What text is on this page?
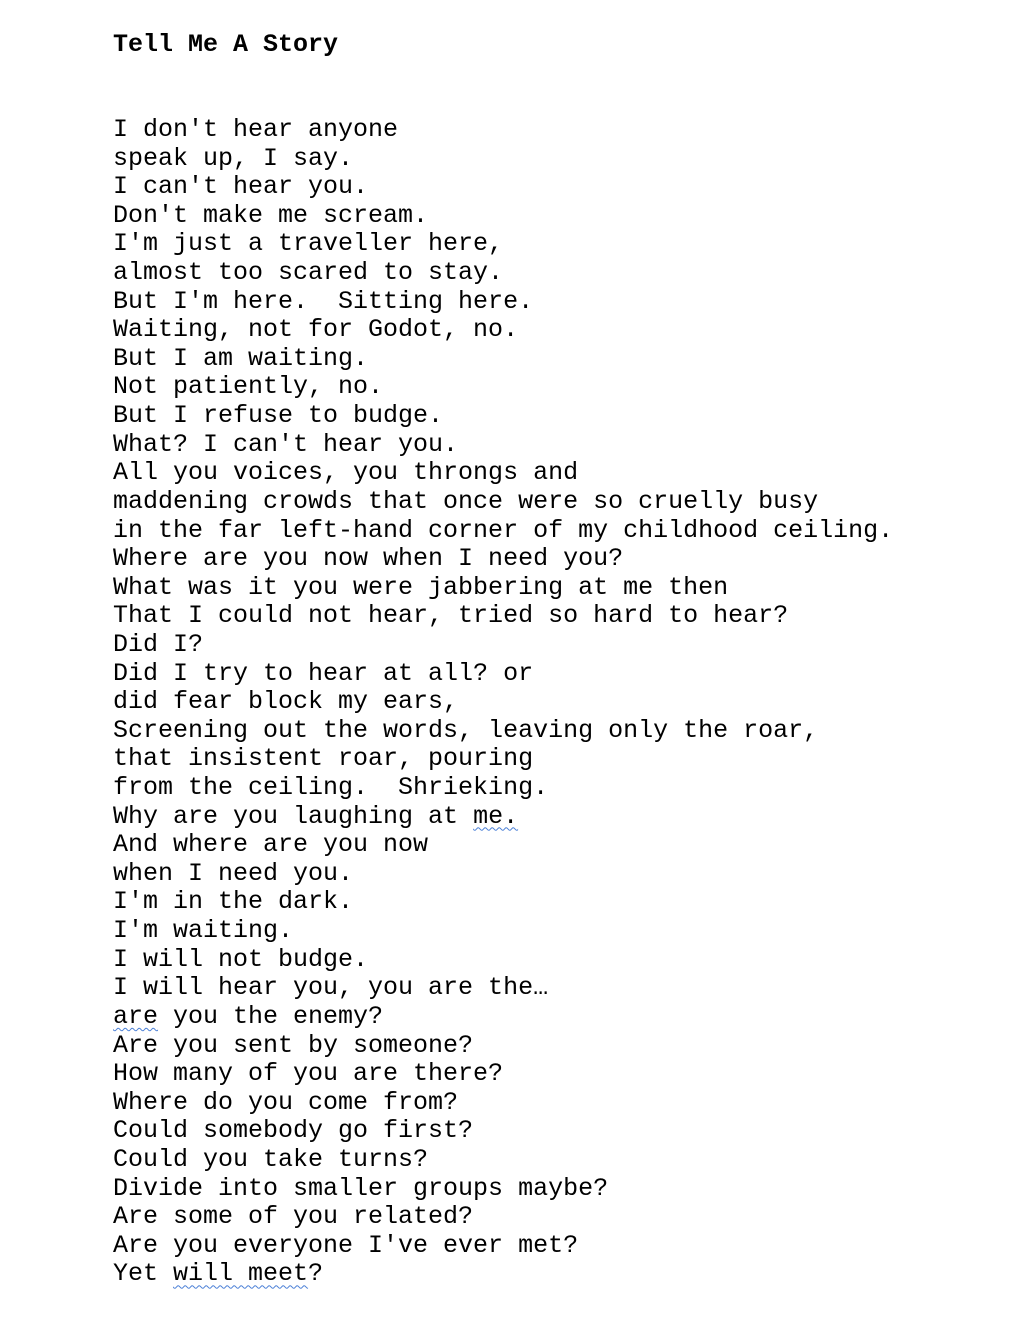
Tell Me A Story
I don't hear anyone
speak up, I say.
I can't hear you.
Don't make me scream.
I'm just a traveller here,
almost too scared to stay.
But I'm here.  Sitting here.
Waiting, not for Godot, no.
But I am waiting.
Not patiently, no.
But I refuse to budge.
What? I can't hear you.
All you voices, you throngs and
maddening crowds that once were so cruelly busy
in the far left-hand corner of my childhood ceiling.
Where are you now when I need you?
What was it you were jabbering at me then
That I could not hear, tried so hard to hear?
Did I?
Did I try to hear at all? or
did fear block my ears,
Screening out the words, leaving only the roar,
that insistent roar, pouring
from the ceiling.  Shrieking.
Why are you laughing at me.
And where are you now
when I need you.
I'm in the dark.
I'm waiting.
I will not budge.
I will hear you, you are the…
are you the enemy?
Are you sent by someone?
How many of you are there?
Where do you come from?
Could somebody go first?
Could you take turns?
Divide into smaller groups maybe?
Are some of you related?
Are you everyone I've ever met?
Yet will meet?
